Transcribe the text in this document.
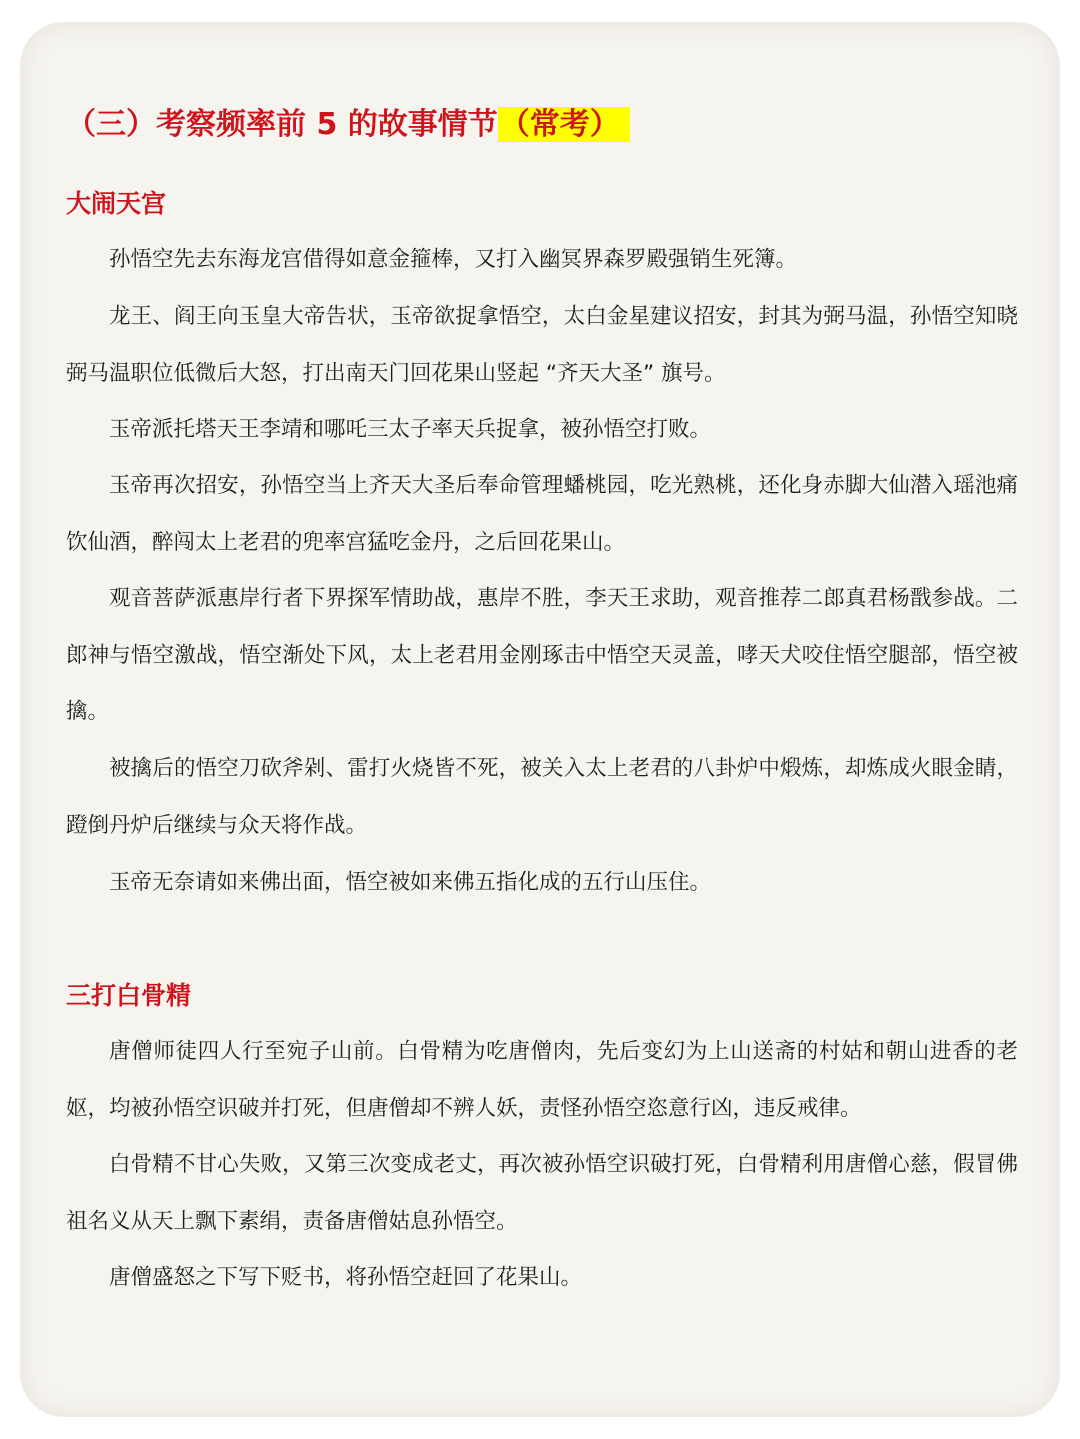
（三）考察频率前 5 的故事情节（常考）
大闹天宫

孙悟空先去东海龙宫借得如意金箍棒，又打入幽冥界森罗殿强销生死簿。

龙王、阎王向玉皇大帝告状，玉帝欲捉拿悟空，太白金星建议招安，封其为弼马温，孙悟空知晓弼马温职位低微后大怒，打出南天门回花果山竖起 “齐天大圣” 旗号。

玉帝派托塔天王李靖和哪吒三太子率天兵捉拿，被孙悟空打败。

玉帝再次招安，孙悟空当上齐天大圣后奉命管理蟠桃园，吃光熟桃，还化身赤脚大仙潜入瑶池痛饮仙酒，醉闯太上老君的兜率宫猛吃金丹，之后回花果山。

观音菩萨派惠岸行者下界探军情助战，惠岸不胜，李天王求助，观音推荐二郎真君杨戬参战。二郎神与悟空激战，悟空渐处下风，太上老君用金刚琢击中悟空天灵盖，哮天犬咬住悟空腿部，悟空被擒。

被擒后的悟空刀砍斧剁、雷打火烧皆不死，被关入太上老君的八卦炉中煅炼，却炼成火眼金睛，蹬倒丹炉后继续与众天将作战。

玉帝无奈请如来佛出面，悟空被如来佛五指化成的五行山压住。

三打白骨精

唐僧师徒四人行至宛子山前。白骨精为吃唐僧肉，先后变幻为上山送斋的村姑和朝山进香的老妪，均被孙悟空识破并打死，但唐僧却不辨人妖，责怪孙悟空恣意行凶，违反戒律。

白骨精不甘心失败，又第三次变成老丈，再次被孙悟空识破打死，白骨精利用唐僧心慈，假冒佛祖名义从天上飘下素绢，责备唐僧姑息孙悟空。

唐僧盛怒之下写下贬书，将孙悟空赶回了花果山。
